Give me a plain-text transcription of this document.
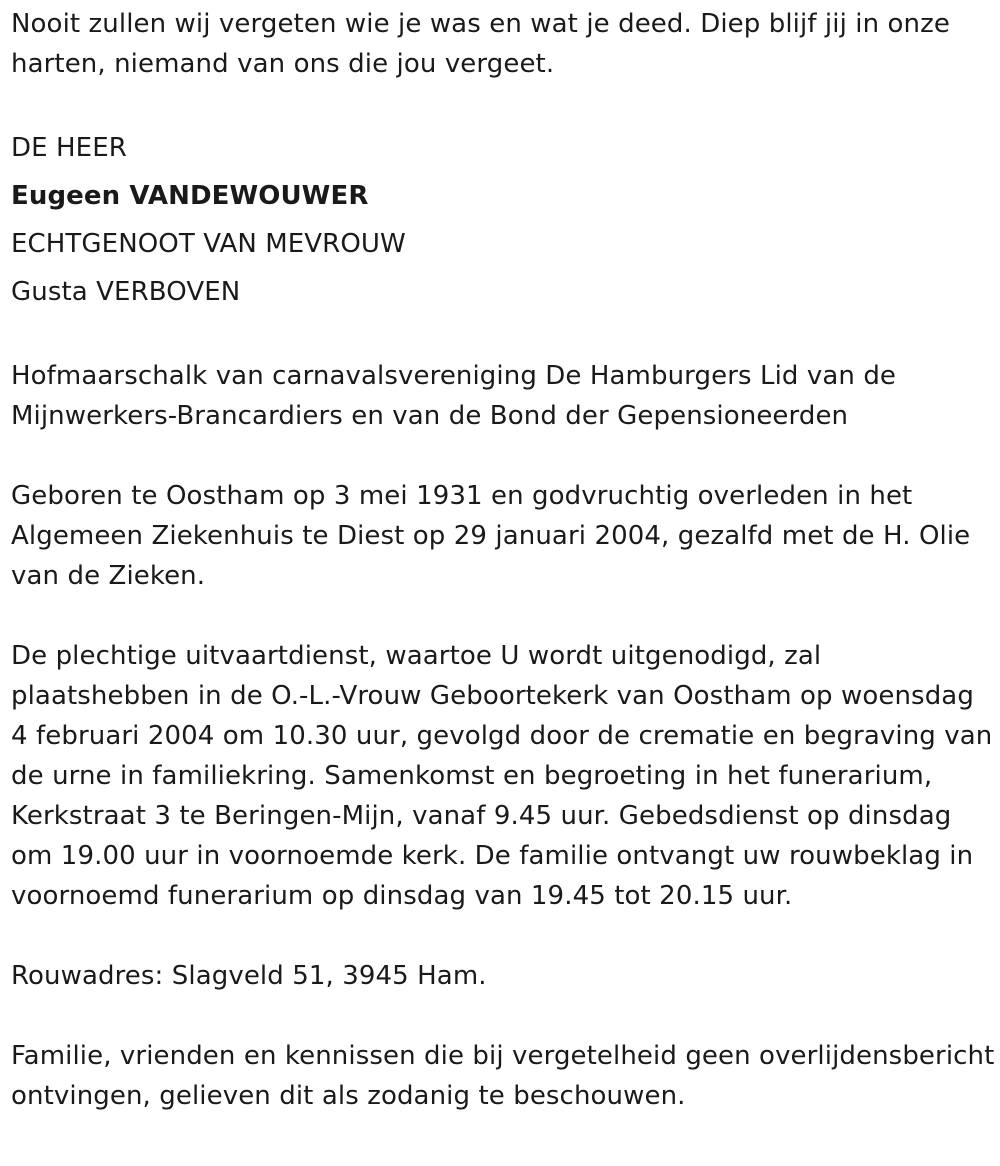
Nooit zullen wij vergeten wie je was en wat je deed. Diep blijf jij in onze harten, niemand van ons die jou vergeet.

DE HEER

Eugeen VANDEWOUWER

ECHTGENOOT VAN MEVROUW

Gusta VERBOVEN

Hofmaarschalk van carnavalsvereniging De Hamburgers Lid van de Mijnwerkers-Brancardiers en van de Bond der Gepensioneerden

Geboren te Oostham op 3 mei 1931 en godvruchtig overleden in het Algemeen Ziekenhuis te Diest op 29 januari 2004, gezalfd met de H. Olie van de Zieken.

De plechtige uitvaartdienst, waartoe U wordt uitgenodigd, zal plaatshebben in de O.-L.-Vrouw Geboortekerk van Oostham op woensdag 4 februari 2004 om 10.30 uur, gevolgd door de crematie en begraving van de urne in familiekring. Samenkomst en begroeting in het funerarium, Kerkstraat 3 te Beringen-Mijn, vanaf 9.45 uur. Gebedsdienst op dinsdag om 19.00 uur in voornoemde kerk. De familie ontvangt uw rouwbeklag in voornoemd funerarium op dinsdag van 19.45 tot 20.15 uur.

Rouwadres: Slagveld 51, 3945 Ham.

Familie, vrienden en kennissen die bij vergetelheid geen overlijdensbericht ontvingen, gelieven dit als zodanig te beschouwen.
